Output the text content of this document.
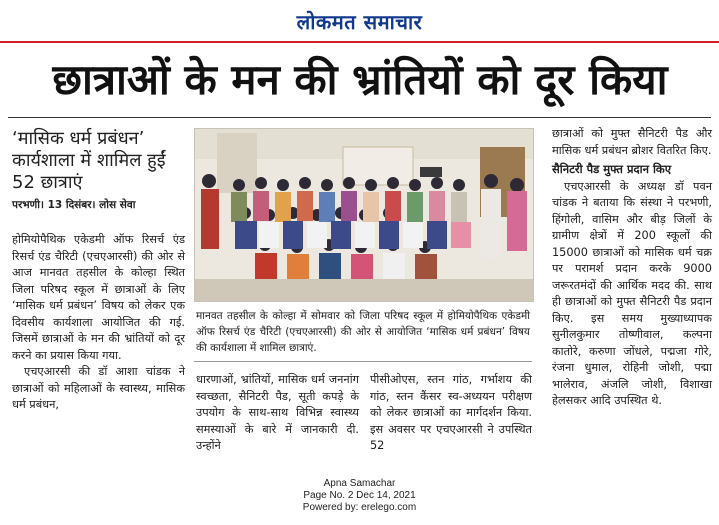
लोकमत समाचार
छात्राओं के मन की भ्रांतियों को दूर किया
‘मासिक धर्म प्रबंधन’ कार्यशाला में शामिल हुईं 52 छात्राएं
परभणी। 13 दिसंबर। लोस सेवा

होमियोपैथिक एकेडमी ऑफ रिसर्च एंड रिसर्च एंड चैरिटी (एचएआरसी) की ओर से आज मानवत तहसील के कोल्हा स्थित जिला परिषद स्कूल में छात्राओं के लिए ‘मासिक धर्म प्रबंधन’ विषय को लेकर एक दिवसीय कार्यशाला आयोजित की गई. जिसमें छात्राओं के मन की भ्रांतियों को दूर करने का प्रयास किया गया.

एचएआरसी की डॉ आशा चांडक ने छात्राओं को महिलाओं के स्वास्थ्य, मासिक धर्म प्रबंधन,

मानवत तहसील के कोल्हा में सोमवार को जिला परिषद स्कूल में होमियोपैथिक एकेडमी ऑफ रिसर्च एंड चैरिटी (एचएआरसी) की ओर से आयोजित ‘मासिक धर्म प्रबंधन’ विषय की कार्यशाला में शामिल छात्राएं.

धारणाओं, भ्रांतियों, मासिक धर्म जननांग स्वच्छता, सैनिटरी पैड, सूती कपड़े के उपयोग के साथ-साथ विभिन्न स्वास्थ्य समस्याओं के बारे में जानकारी दी. उन्होंने

पीसीओएस, स्तन गांठ, गर्भाशय की गांठ, स्तन कैंसर स्व-अध्ययन परीक्षण को लेकर छात्राओं का मार्गदर्शन किया. इस अवसर पर एचएआरसी ने उपस्थित 52

छात्राओं को मुफ्त सैनिटरी पैड और मासिक धर्म प्रबंधन ब्रोशर वितरित किए.

सैनिटरी पैड मुफ्त प्रदान किए

एचएआरसी के अध्यक्ष डॉ पवन चांडक ने बताया कि संस्था ने परभणी, हिंगोली, वासिम और बीड़ जिलों के ग्रामीण क्षेत्रों में 200 स्कूलों की 15000 छात्राओं को मासिक धर्म चक्र पर परामर्श प्रदान करके 9000 जरूरतमंदों की आर्थिक मदद की. साथ ही छात्राओं को मुफ्त सैनिटरी पैड प्रदान किए. इस समय मुख्याध्यापक सुनीलकुमार तोष्णीवाल, कल्पना कातोरे, करुणा जोंधले, पद्मजा गोरे, रंजना धुमाल, रोहिनी जोशी, पद्मा भालेराव, अंजलि जोशी, विशाखा हेलसकर आदि उपस्थित थे.

Apna Samachar
Page No. 2 Dec 14, 2021
Powered by: erelego.com
